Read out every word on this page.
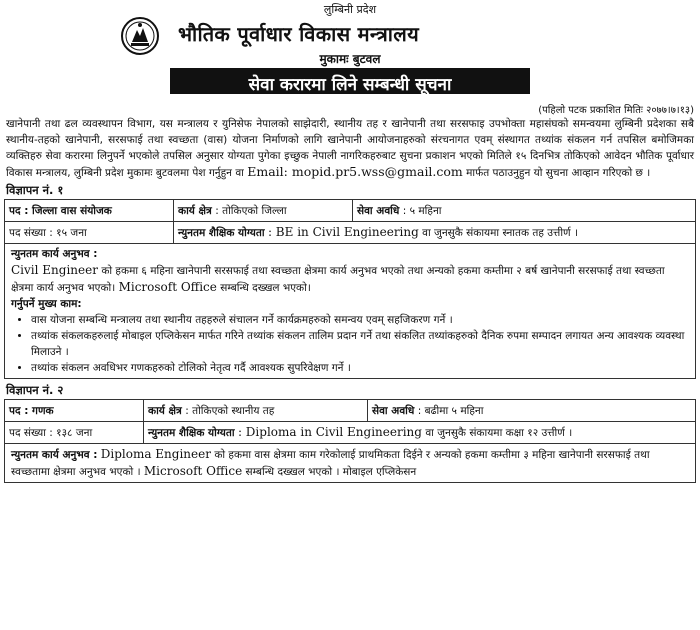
लुम्बिनी प्रदेश
भौतिक पूर्वाधार विकास मन्त्रालय
मुकामः बुटवल
सेवा करारमा लिने सम्बन्धी सूचना
(पहिलो पटक प्रकाशित मितिः २०७७।७।१३)
खानेपानी तथा ढल व्यवस्थापन विभाग, यस मन्त्रालय र युनिसेफ नेपालको साझेदारी, स्थानीय तह र खानेपानी तथा सरसफाइ उपभोक्ता महासंघको समन्वयमा लुम्बिनी प्रदेशका सबै स्थानीय-तहको खानेपानी, सरसफाई तथा स्वच्छता (वास) योजना निर्माणको लागि खानेपानी आयोजनाहरुको संरचनागत एवम् संस्थागत तथ्यांक संकलन गर्न तपसिल बमोजिमका व्यक्तिहरु सेवा करारमा लिनुपर्ने भएकोले तपसिल अनुसार योग्यता पुगेका इच्छुक नेपाली नागरिकहरुबाट सुचना प्रकाशन भएको मितिले १५ दिनभित्र तोकिएको आवेदन भौतिक पूर्वाधार विकास मन्त्रालय, लुम्बिनी प्रदेश मुकामः बुटवलमा पेश गर्नुहुन वा Email: mopid.pr5.wss@gmail.com मार्फत पठाउनुहुन यो सुचना आव्हान गरिएको छ ।
विज्ञापन नं. १
पद : जिल्ला वास संयोजक	कार्य क्षेत्र : तोकिएको जिल्ला	सेवा अवधि : ५ महिना
पद संख्या : १५ जना	न्युनतम शैक्षिक योग्यता : BE in Civil Engineering वा जुनसुकै संकायमा स्नातक तह उत्तीर्ण ।	

न्युनतम कार्य अनुभव :

Civil Engineer को हकमा ६ महिना खानेपानी सरसफाई तथा स्वच्छता क्षेत्रमा कार्य अनुभव भएको तथा अन्यको हकमा कम्तीमा २ बर्ष खानेपानी सरसफाई तथा स्वच्छता क्षेत्रमा कार्य अनुभव भएको। Microsoft Office सम्बन्धि दख्खल भएको।

गर्नुपर्ने मुख्य काम:

• वास योजना सम्बन्धि मन्त्रालय तथा स्थानीय तहहरुले संचालन गर्ने कार्यक्रमहरुको समन्वय एवम् सहजिकरण गर्ने ।
• तथ्यांक संकलकहरुलाई मोबाइल एप्लिकेसन मार्फत गरिने तथ्यांक संकलन तालिम प्रदान गर्ने तथा संकलित तथ्यांकहरुको दैनिक रुपमा सम्पादन लगायत अन्य आवश्यक व्यवस्था मिलाउने ।
• तथ्यांक संकलन अवधिभर गणकहरुको टोलिको नेतृत्व गर्दै आवश्यक सुपरिवेक्षण गर्ने ।
विज्ञापन नं. २
पद : गणक	कार्य क्षेत्र : तोकिएको स्थानीय तह	सेवा अवधि : बढीमा ५ महिना
पद संख्या : १३८ जना	न्युनतम शैक्षिक योग्यता : Diploma in Civil Engineering वा जुनसुकै संकायमा कक्षा १२ उत्तीर्ण ।	

न्युनतम कार्य अनुभव : Diploma Engineer को हकमा वास क्षेत्रमा काम गरेकोलाई प्राथमिकता दिईने र अन्यको हकमा कम्तीमा ३ महिना खानेपानी सरसफाई तथा स्वच्छतामा क्षेत्रमा अनुभव भएको । Microsoft Office सम्बन्धि दख्खल भएको । मोबाइल एप्लिकेसन
